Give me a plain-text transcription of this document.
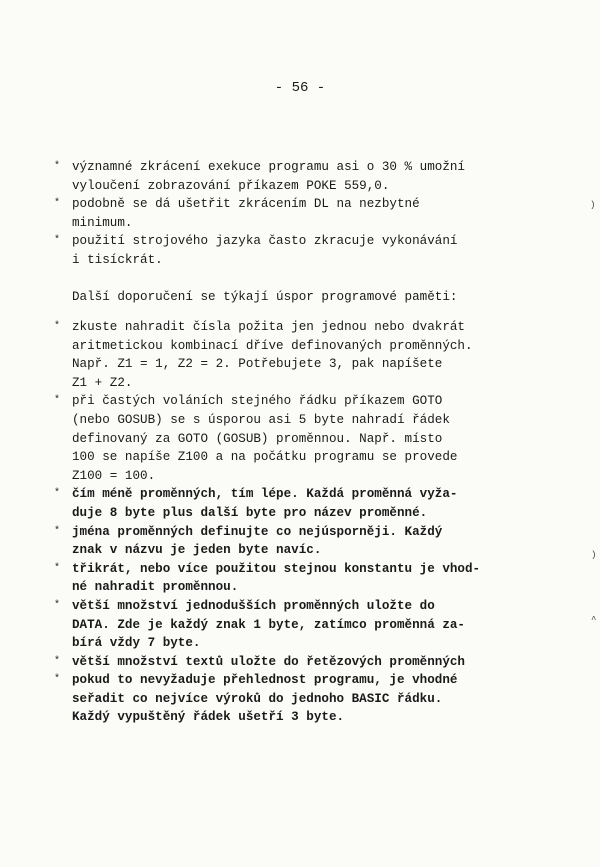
- 56 -
* významné zkrácení exekuce programu asi o 30 % umožní
vyloučení zobrazování příkazem POKE 559,0.
* podobně se dá ušetřit zkrácením DL na nezbytné
minimum.
* použití strojového jazyka často zkracuje vykonávání
i tisíckrát.
Další doporučení se týkají úspor programové paměti:
* zkuste nahradit čísla požita jen jednou nebo dvakrát
aritmetickou kombinací dříve definovaných proměnných.
Např. Z1 = 1, Z2 = 2. Potřebujete 3, pak napíšete
Z1 + Z2.
* při častých voláních stejného řádku příkazem GOTO
(nebo GOSUB) se s úsporou asi 5 byte nahradí řádek
definovaný za GOTO (GOSUB) proměnnou. Např. místo
100 se napíše Z100 a na počátku programu se provede
Z100 = 100.
* čím méně proměnných, tím lépe. Každá proměnná vyža-
duje 8 byte plus další byte pro název proměnné.
* jména proměnných definujte co nejúsporněji. Každý
znak v názvu je jeden byte navíc.
* třikrát, nebo více použitou stejnou konstantu je vhod-
né nahradit proměnnou.
* větší množství jednodušších proměnných uložte do
DATA. Zde je každý znak 1 byte, zatímco proměnná za-
bírá vždy 7 byte.
* větší množství textů uložte do řetězových proměnných
* pokud to nevyžaduje přehlednost programu, je vhodné
seřadit co nejvíce výroků do jednoho BASIC řádku.
Každý vypuštěný řádek ušetří 3 byte.
)
)
^
